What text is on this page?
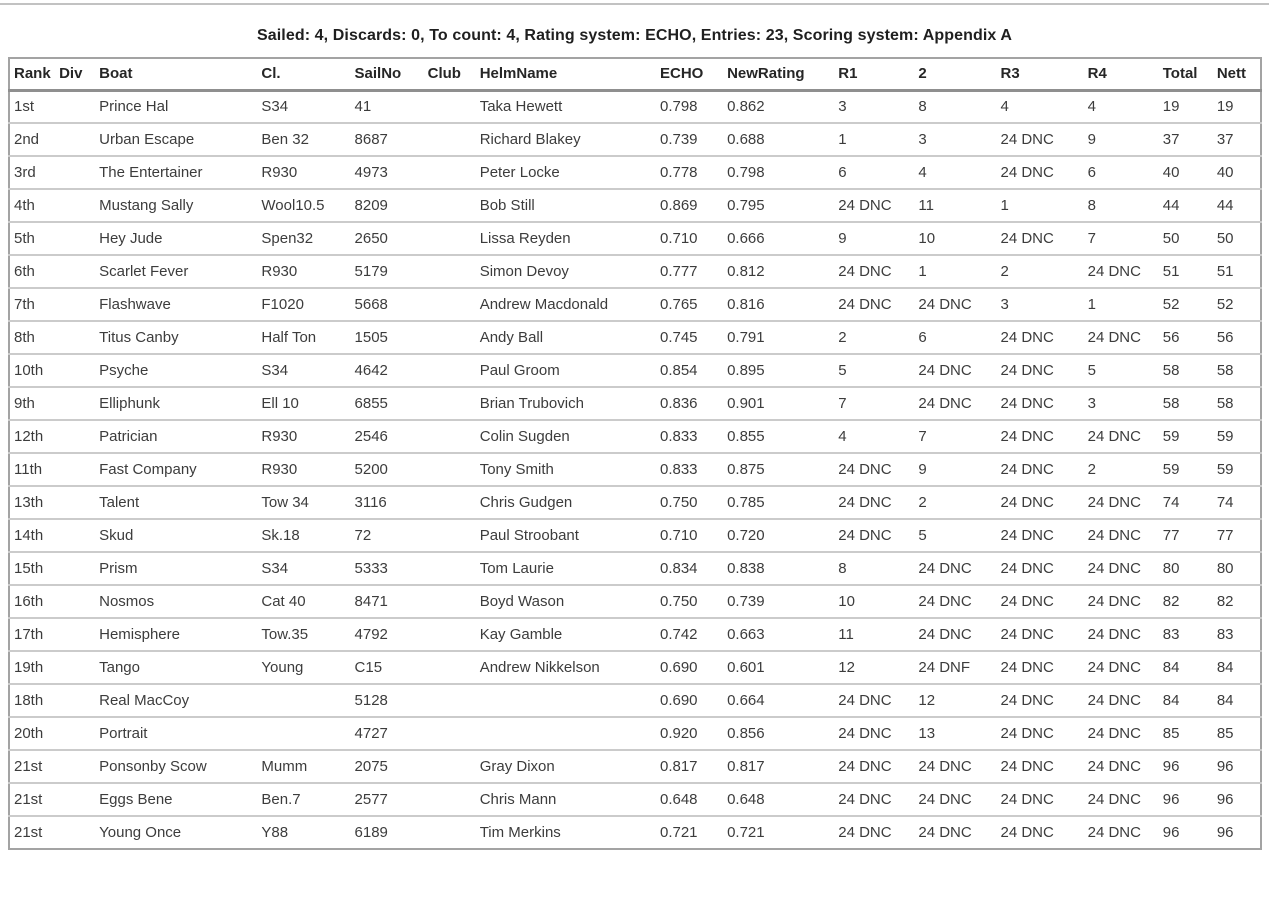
Sailed: 4, Discards: 0, To count: 4, Rating system: ECHO, Entries: 23, Scoring system: Appendix A
Rank	Div	Boat	Cl.	SailNo	Club	HelmName	ECHO	NewRating	R1	2	R3	R4	Total	Nett
1st		Prince Hal	S34	41		Taka Hewett	0.798	0.862	3	8	4	4	19	19
2nd		Urban Escape	Ben 32	8687		Richard Blakey	0.739	0.688	1	3	24 DNC	9	37	37
3rd		The Entertainer	R930	4973		Peter Locke	0.778	0.798	6	4	24 DNC	6	40	40
4th		Mustang Sally	Wool10.5	8209		Bob Still	0.869	0.795	24 DNC	11	1	8	44	44
5th		Hey Jude	Spen32	2650		Lissa Reyden	0.710	0.666	9	10	24 DNC	7	50	50
6th		Scarlet Fever	R930	5179		Simon Devoy	0.777	0.812	24 DNC	1	2	24 DNC	51	51
7th		Flashwave	F1020	5668		Andrew Macdonald	0.765	0.816	24 DNC	24 DNC	3	1	52	52
8th		Titus Canby	Half Ton	1505		Andy Ball	0.745	0.791	2	6	24 DNC	24 DNC	56	56
10th		Psyche	S34	4642		Paul Groom	0.854	0.895	5	24 DNC	24 DNC	5	58	58
9th		Elliphunk	Ell 10	6855		Brian Trubovich	0.836	0.901	7	24 DNC	24 DNC	3	58	58
12th		Patrician	R930	2546		Colin Sugden	0.833	0.855	4	7	24 DNC	24 DNC	59	59
11th		Fast Company	R930	5200		Tony Smith	0.833	0.875	24 DNC	9	24 DNC	2	59	59
13th		Talent	Tow 34	3116		Chris Gudgen	0.750	0.785	24 DNC	2	24 DNC	24 DNC	74	74
14th		Skud	Sk.18	72		Paul Stroobant	0.710	0.720	24 DNC	5	24 DNC	24 DNC	77	77
15th		Prism	S34	5333		Tom Laurie	0.834	0.838	8	24 DNC	24 DNC	24 DNC	80	80
16th		Nosmos	Cat 40	8471		Boyd Wason	0.750	0.739	10	24 DNC	24 DNC	24 DNC	82	82
17th		Hemisphere	Tow.35	4792		Kay Gamble	0.742	0.663	11	24 DNC	24 DNC	24 DNC	83	83
19th		Tango	Young	C15		Andrew Nikkelson	0.690	0.601	12	24 DNF	24 DNC	24 DNC	84	84
18th		Real MacCoy		5128			0.690	0.664	24 DNC	12	24 DNC	24 DNC	84	84
20th		Portrait		4727			0.920	0.856	24 DNC	13	24 DNC	24 DNC	85	85
21st		Ponsonby Scow	Mumm	2075		Gray Dixon	0.817	0.817	24 DNC	24 DNC	24 DNC	24 DNC	96	96
21st		Eggs Bene	Ben.7	2577		Chris Mann	0.648	0.648	24 DNC	24 DNC	24 DNC	24 DNC	96	96
21st		Young Once	Y88	6189		Tim Merkins	0.721	0.721	24 DNC	24 DNC	24 DNC	24 DNC	96	96
